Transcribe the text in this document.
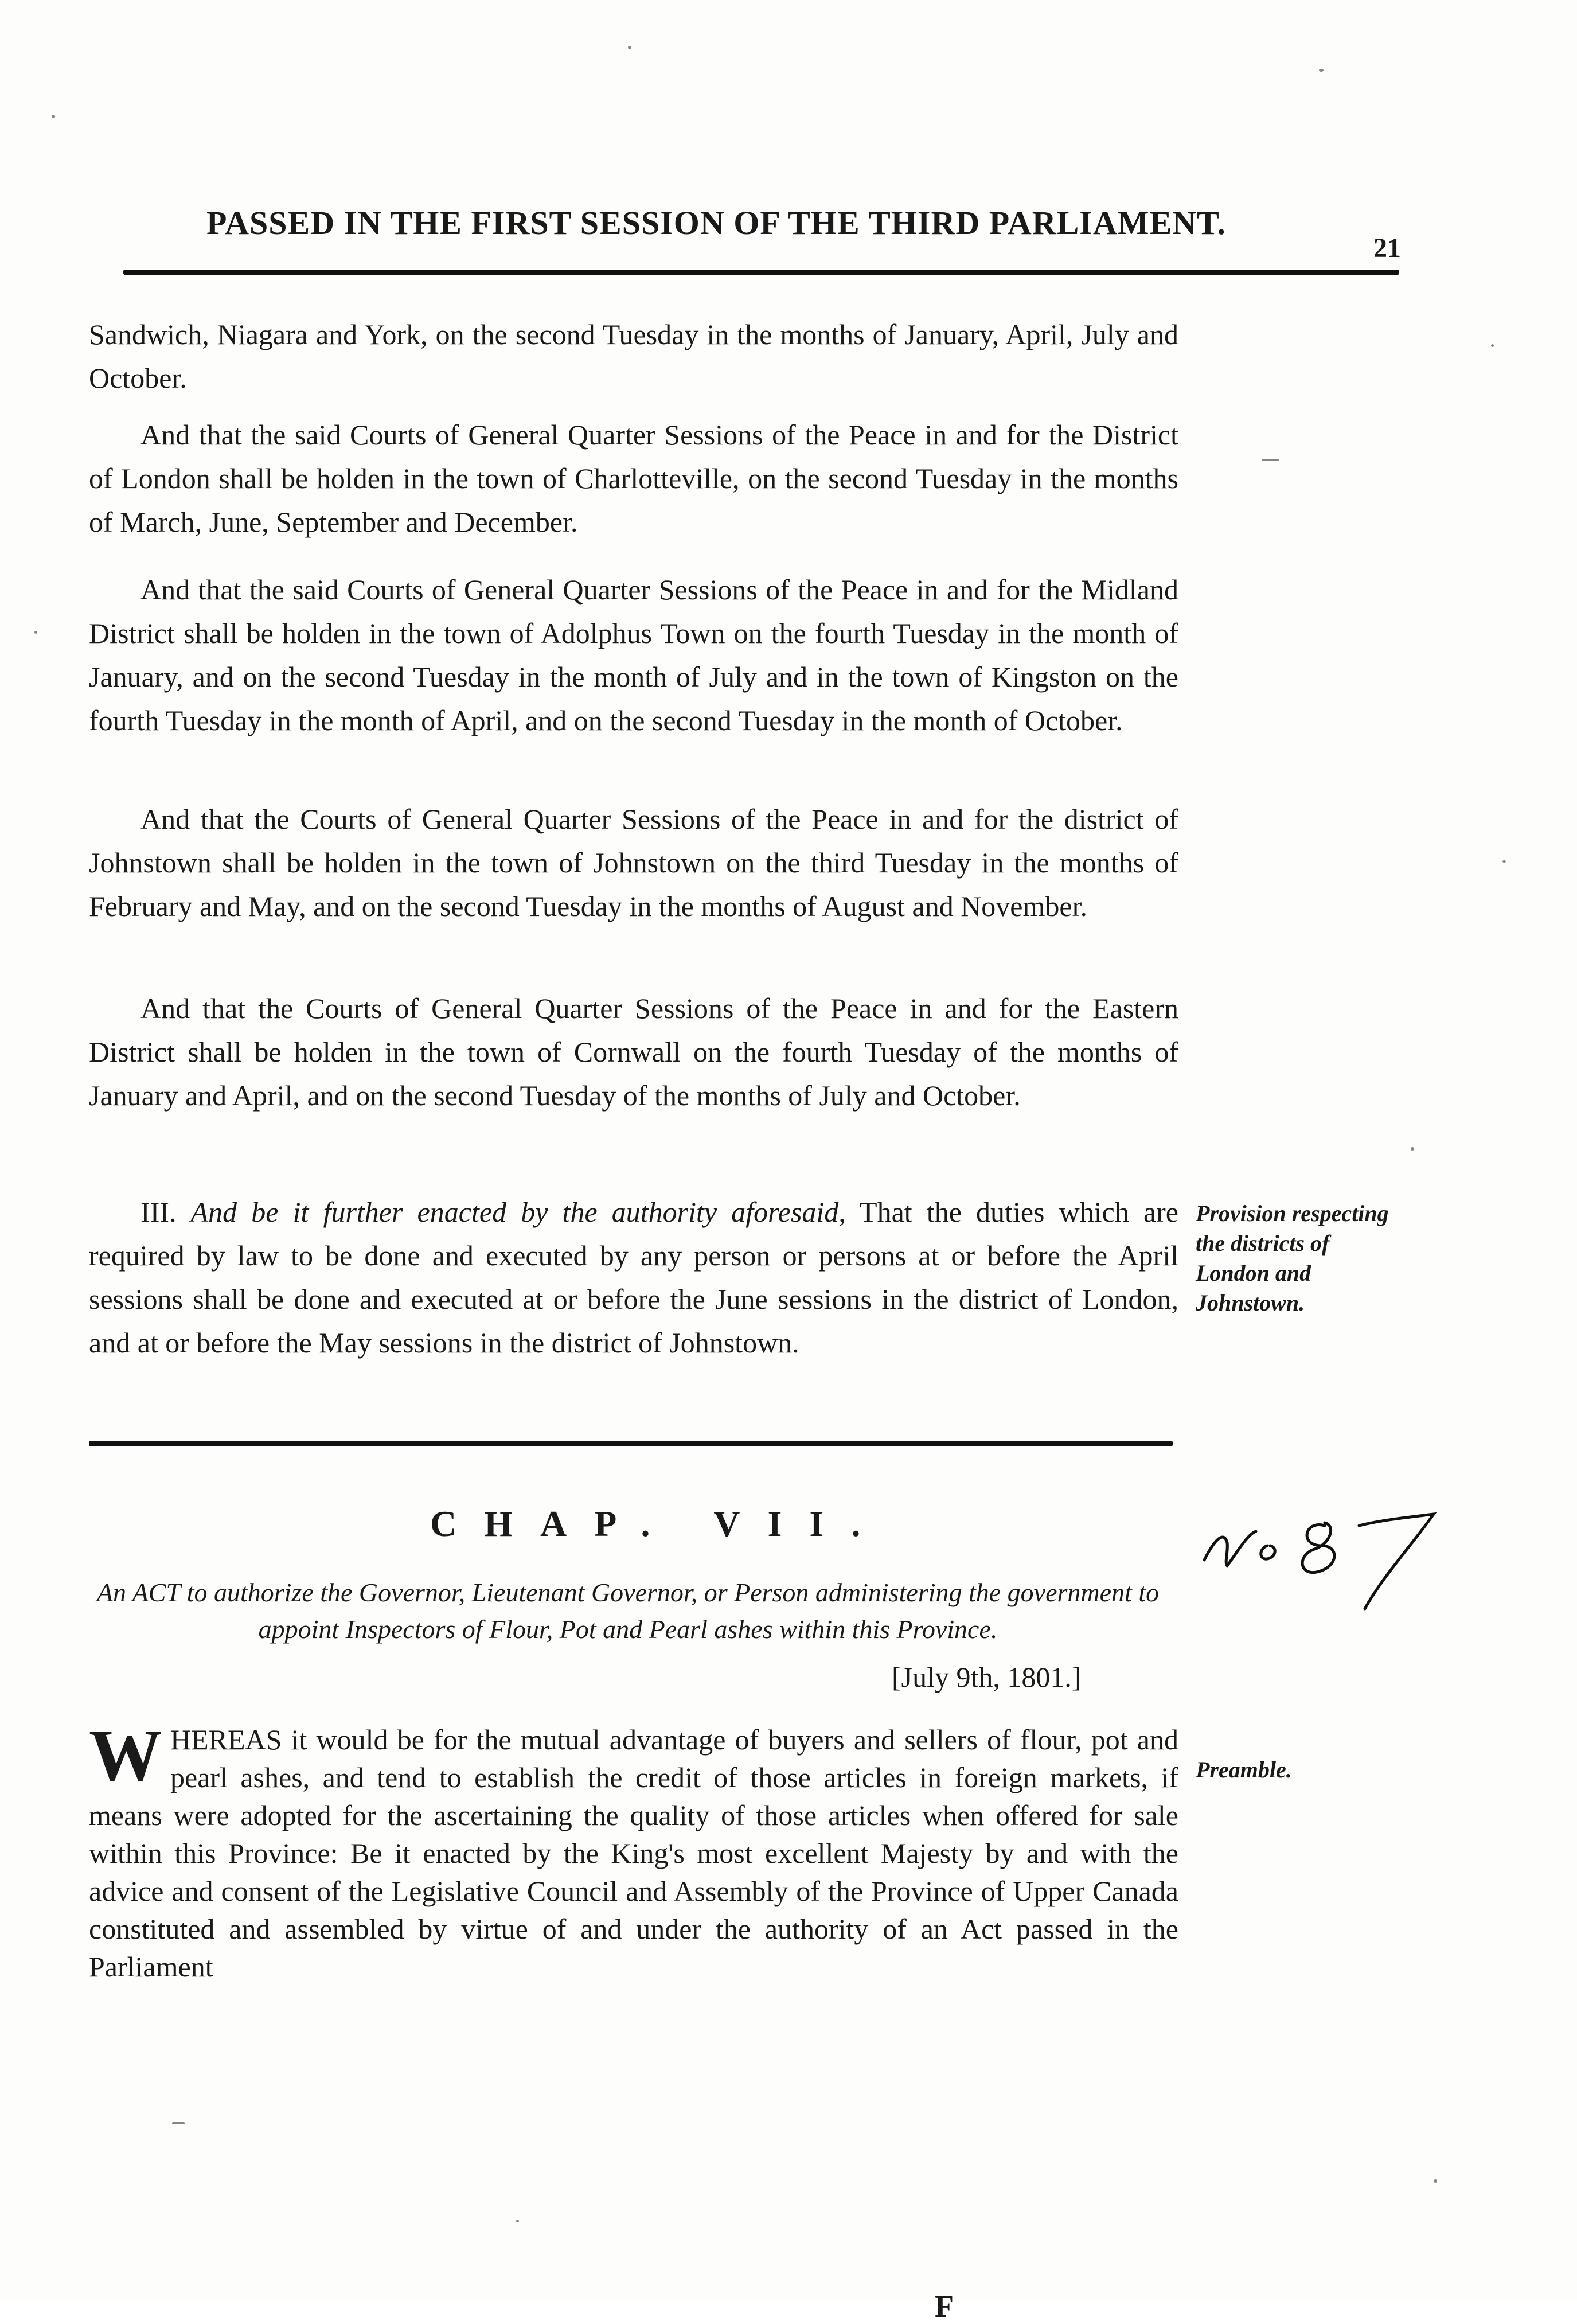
PASSED IN THE FIRST SESSION OF THE THIRD PARLIAMENT.
21

Sandwich, Niagara and York, on the second Tuesday in the months of January, April, July and October.

And that the said Courts of General Quarter Sessions of the Peace in and for the District of London shall be holden in the town of Charlotteville, on the second Tuesday in the months of March, June, September and December.

And that the said Courts of General Quarter Sessions of the Peace in and for the Midland District shall be holden in the town of Adolphus Town on the fourth Tuesday in the month of January, and on the second Tuesday in the month of July and in the town of Kingston on the fourth Tuesday in the month of April, and on the second Tuesday in the month of October.

And that the Courts of General Quarter Sessions of the Peace in and for the district of Johnstown shall be holden in the town of Johnstown on the third Tuesday in the months of February and May, and on the second Tuesday in the months of August and November.

And that the Courts of General Quarter Sessions of the Peace in and for the Eastern District shall be holden in the town of Cornwall on the fourth Tuesday of the months of January and April, and on the second Tuesday of the months of July and October.

III. And be it further enacted by the authority aforesaid, That the duties which are required by law to be done and executed by any person or persons at or before the April sessions shall be done and executed at or before the June sessions in the district of London, and at or before the May sessions in the district of Johnstown.

Provision respecting the districts of London and Johnstown.
CHAP. VII.
An ACT to authorize the Governor, Lieutenant Governor, or Person administering the government to appoint Inspectors of Flour, Pot and Pearl ashes within this Province.
[July 9th, 1801.]
WHEREAS it would be for the mutual advantage of buyers and sellers of flour, pot and pearl ashes, and tend to establish the credit of those articles in foreign markets, if means were adopted for the ascertaining the quality of those articles when offered for sale within this Province: Be it enacted by the King's most excellent Majesty by and with the advice and consent of the Legislative Council and Assembly of the Province of Upper Canada constituted and assembled by virtue of and under the authority of an Act passed in the Parliament
Preamble.
F
